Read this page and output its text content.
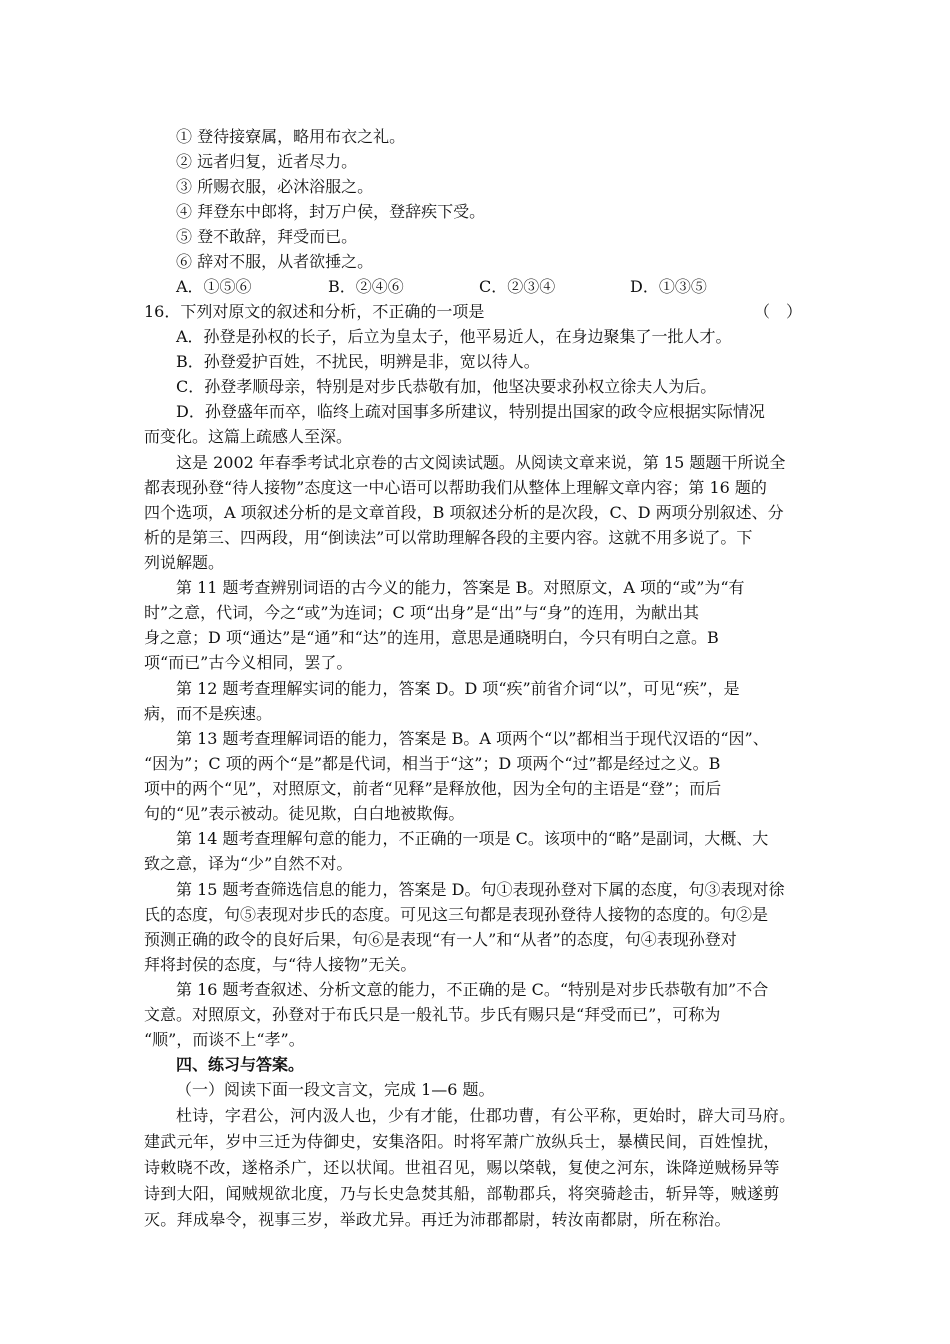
① 登待接寮属，略用布衣之礼。
② 远者归复，近者尽力。
③ 所赐衣服，必沐浴服之。
④ 拜登东中郎将，封万户侯，登辞疾下受。
⑤ 登不敢辞，拜受而已。
⑥ 辞对不服，从者欲捶之。
A．①⑤⑥	B．②④⑥	C．②③④	D．①③⑤
16．下列对原文的叙述和分析，不正确的一项是	（　）
A．孙登是孙权的长子，后立为皇太子，他平易近人，在身边聚集了一批人才。
B．孙登爱护百姓，不扰民，明辨是非，宽以待人。
C．孙登孝顺母亲，特别是对步氏恭敬有加，他坚决要求孙权立徐夫人为后。
D．孙登盛年而卒，临终上疏对国事多所建议，特别提出国家的政令应根据实际情况
而变化。这篇上疏感人至深。
这是 2002 年春季考试北京卷的古文阅读试题。从阅读文章来说，第 15 题题干所说全
都表现孙登“待人接物”态度这一中心语可以帮助我们从整体上理解文章内容；第 16 题的
四个选项，A 项叙述分析的是文章首段，B 项叙述分析的是次段，C、D 两项分别叙述、分
析的是第三、四两段，用“倒读法”可以常助理解各段的主要内容。这就不用多说了。下
列说解题。
第 11 题考查辨别词语的古今义的能力，答案是 B。对照原文，A 项的“或”为“有
时”之意，代词，今之“或”为连词；C 项“出身”是“出”与“身”的连用，为献出其
身之意；D 项“通达”是“通”和“达”的连用，意思是通晓明白，今只有明白之意。B
项“而已”古今义相同，罢了。
第 12 题考查理解实词的能力，答案 D。D 项“疾”前省介词“以”，可见“疾”，是
病，而不是疾速。
第 13 题考查理解词语的能力，答案是 B。A 项两个“以”都相当于现代汉语的“因”、
“因为”；C 项的两个“是”都是代词，相当于“这”；D 项两个“过”都是经过之义。B
项中的两个“见”，对照原文，前者“见释”是释放他，因为全句的主语是“登”；而后
句的“见”表示被动。徒见欺，白白地被欺侮。
第 14 题考查理解句意的能力，不正确的一项是 C。该项中的“略”是副词，大概、大
致之意，译为“少”自然不对。
第 15 题考查筛选信息的能力，答案是 D。句①表现孙登对下属的态度，句③表现对徐
氏的态度，句⑤表现对步氏的态度。可见这三句都是表现孙登待人接物的态度的。句②是
预测正确的政令的良好后果，句⑥是表现“有一人”和“从者”的态度，句④表现孙登对
拜将封侯的态度，与“待人接物”无关。
第 16 题考查叙述、分析文意的能力，不正确的是 C。“特别是对步氏恭敬有加”不合
文意。对照原文，孙登对于布氏只是一般礼节。步氏有赐只是“拜受而已”，可称为
“顺”，而谈不上“孝”。
四、练习与答案。
（一）阅读下面一段文言文，完成 1—6 题。
杜诗，字君公，河内汲人也，少有才能，仕郡功曹，有公平称，更始时，辟大司马府。
建武元年，岁中三迁为侍御史，安集洛阳。时将军萧广放纵兵士，暴横民间，百姓惶扰，
诗敕晓不改，遂格杀广，还以状闻。世祖召见，赐以棨戟，复使之河东，诛降逆贼杨异等
诗到大阳，闻贼规欲北度，乃与长史急焚其船，部勒郡兵，将突骑趁击，斩异等，贼遂剪
灭。拜成皋令，视事三岁，举政尤异。再迁为沛郡都尉，转汝南都尉，所在称治。
